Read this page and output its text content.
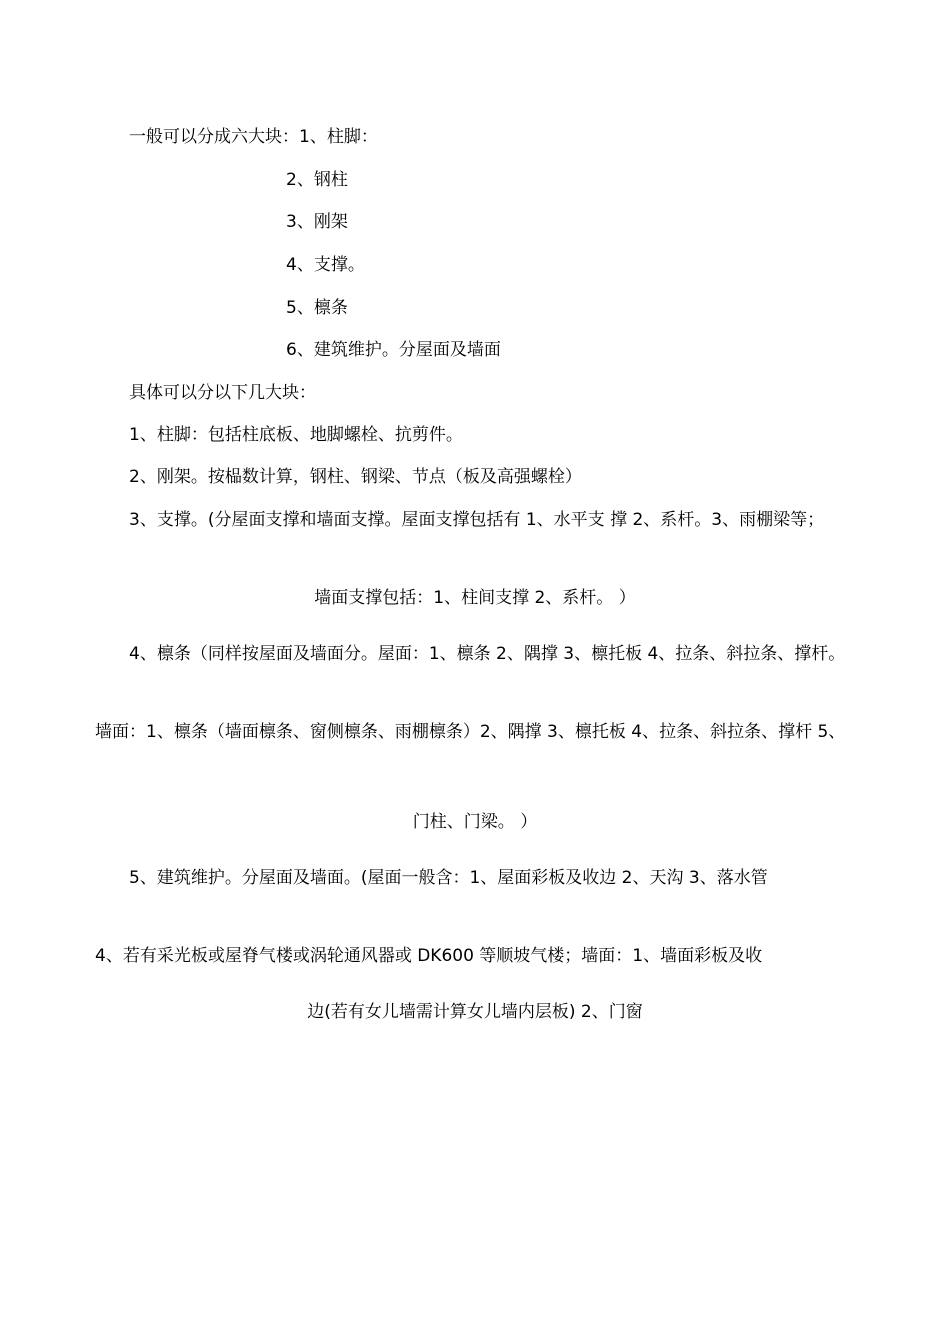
一般可以分成六大块：1、柱脚：
2、钢柱
3、刚架
4、支撑。
5、檩条
6、建筑维护。分屋面及墙面
具体可以分以下几大块：
1、柱脚：包括柱底板、地脚螺栓、抗剪件。
2、刚架。按榀数计算，钢柱、钢梁、节点（板及高强螺栓）
3、支撑。(分屋面支撑和墙面支撑。屋面支撑包括有 1、水平支 撑 2、系杆。3、雨棚梁等；
墙面支撑包括：1、柱间支撑 2、系杆。 ）
4、檩条（同样按屋面及墙面分。屋面：1、檩条 2、隅撑 3、檩托板 4、拉条、斜拉条、撑杆。
墙面：1、檩条（墙面檩条、窗侧檩条、雨棚檩条）2、隅撑 3、檩托板 4、拉条、斜拉条、撑杆 5、
门柱、门梁。 ）
5、建筑维护。分屋面及墙面。(屋面一般含：1、屋面彩板及收边 2、天沟 3、落水管
4、若有采光板或屋脊气楼或涡轮通风器或 DK600 等顺坡气楼；墙面：1、墙面彩板及收
边(若有女儿墙需计算女儿墙内层板) 2、门窗
